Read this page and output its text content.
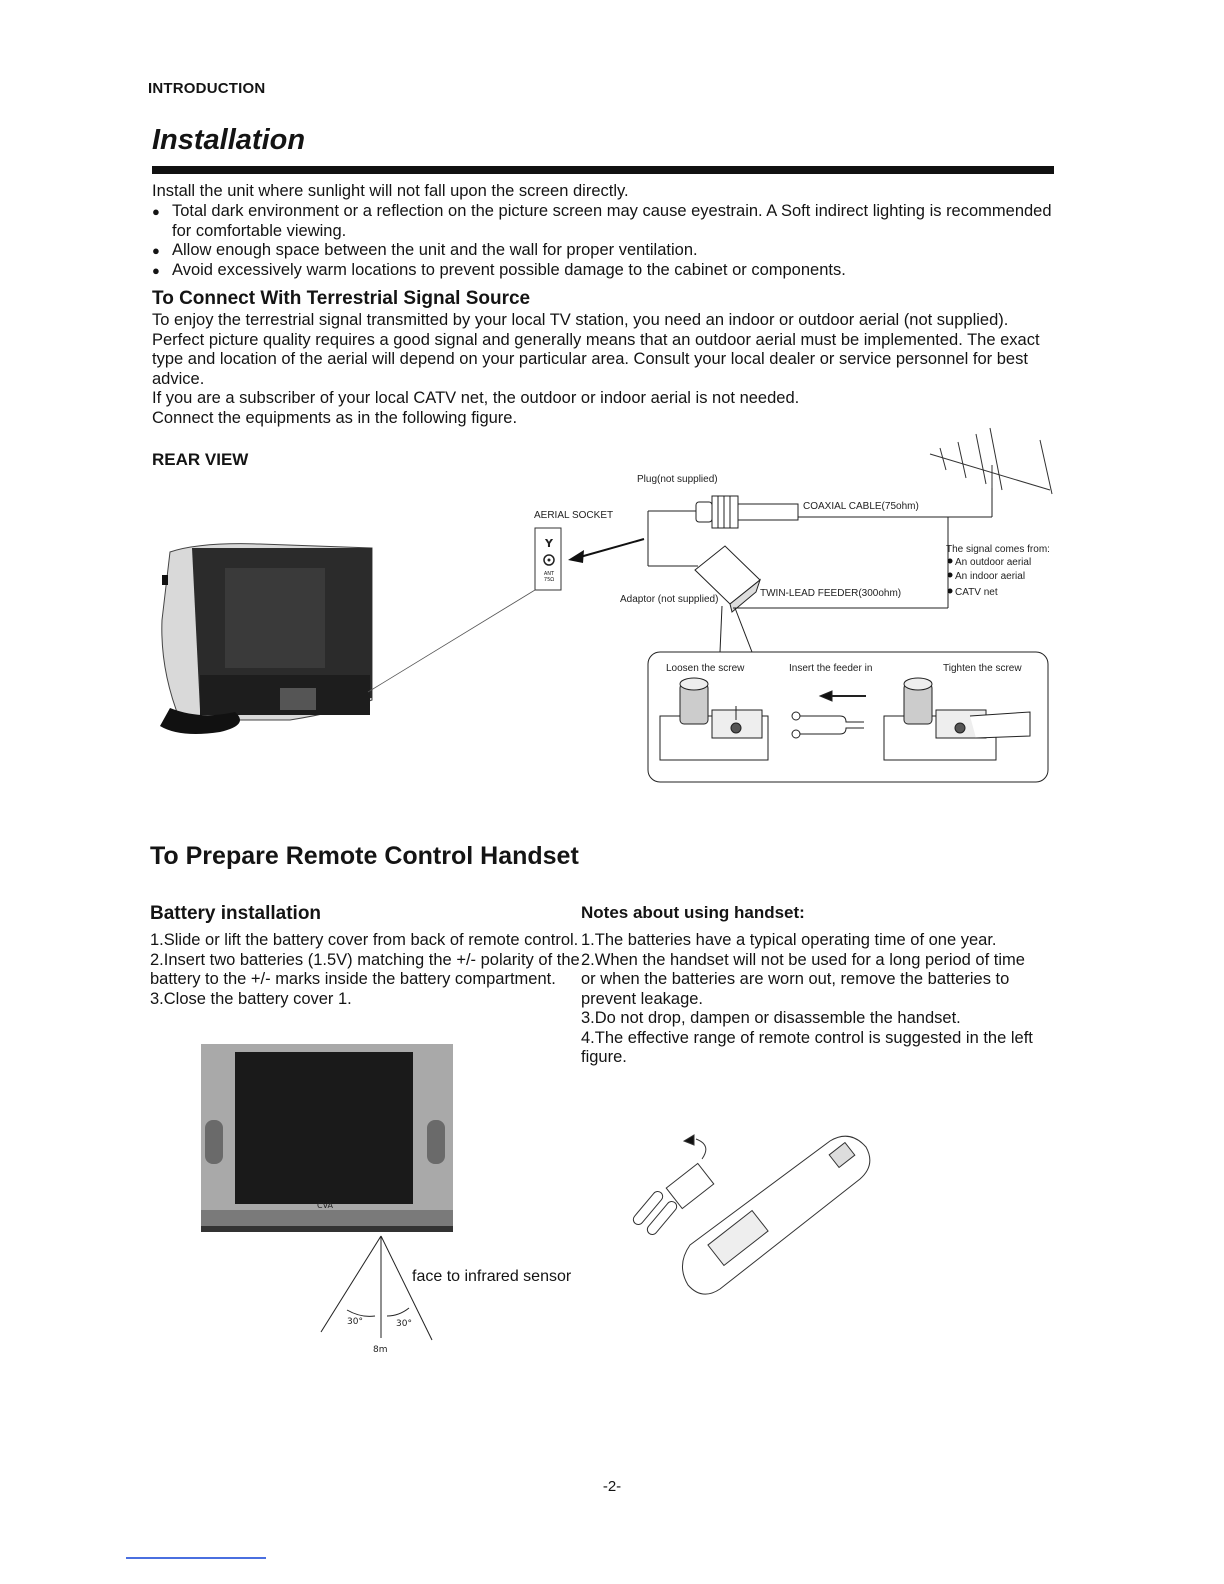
INTRODUCTION
Installation
Install the unit where sunlight will not fall upon the screen directly.
● Total dark environment or a reflection on the picture screen may cause eyestrain. A Soft indirect lighting is recommended for comfortable viewing.
● Allow enough space between the unit and the wall for proper ventilation.
● Avoid excessively warm locations to prevent possible damage to the cabinet or components.
To Connect With Terrestrial Signal Source
To enjoy the terrestrial signal transmitted by your local TV station, you need an indoor or outdoor aerial (not supplied). Perfect picture quality requires a good signal and generally means that an outdoor aerial must be implemented. The exact type and location of the aerial will depend on your particular area. Consult your local dealer or service personnel for best advice.
If you are a subscriber of your local CATV net, the outdoor or indoor aerial is not needed.
Connect the equipments as in the following figure.
REAR VIEW
Y
ANT
75Ω
AERIAL SOCKET
Plug(not supplied)
COAXIAL CABLE(75ohm)
Adaptor (not supplied)
TWIN-LEAD FEEDER(300ohm)
The signal comes from:
An outdoor aerial
An indoor aerial
CATV net
Loosen the screw	Insert the feeder in	Tighten the screw
To Prepare Remote Control Handset
Battery installation
1.Slide or lift the battery cover from back of remote control.
2.Insert two batteries (1.5V) matching the +/- polarity of the battery to the +/- marks inside the battery compartment.
3.Close the battery cover 1.
Notes about using handset:
1.The batteries have a typical operating time of one year.
2.When the handset will not be used for a long period of time or when the batteries are worn out, remove the batteries to prevent leakage.
3.Do not drop, dampen or disassemble the handset.
4.The effective range of remote control is suggested in the left figure.
CVA
30°	30°
8m
face to infrared sensor
-2-
